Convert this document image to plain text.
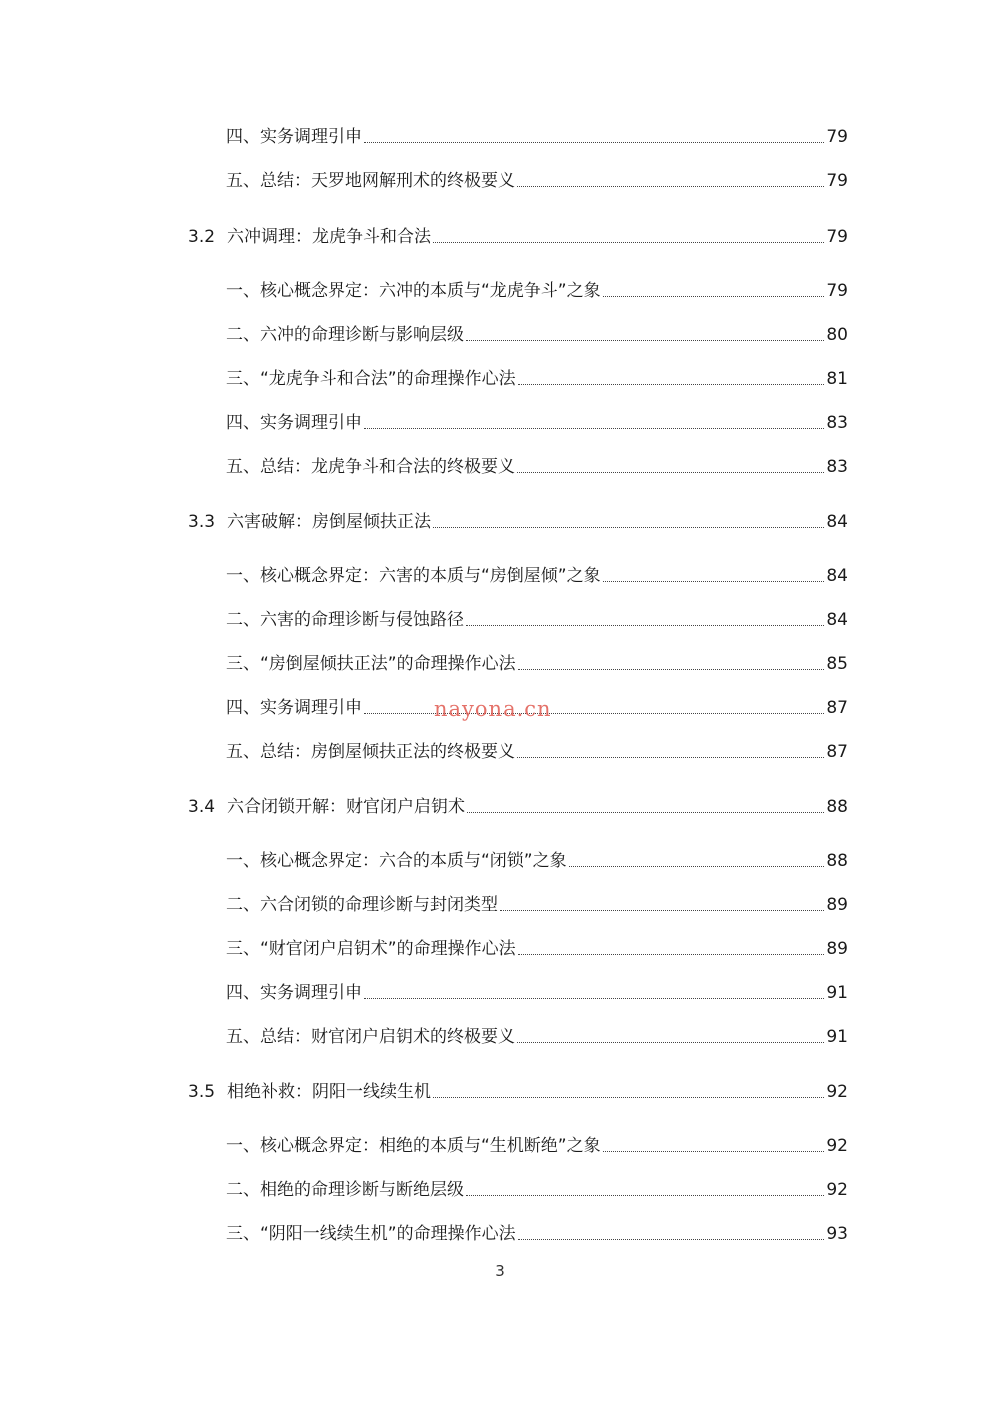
四、实务调理引申	79
五、总结：天罗地网解刑术的终极要义	79
3.2 六冲调理：龙虎争斗和合法	79
一、核心概念界定：六冲的本质与“龙虎争斗”之象	79
二、六冲的命理诊断与影响层级	80
三、“龙虎争斗和合法”的命理操作心法	81
四、实务调理引申	83
五、总结：龙虎争斗和合法的终极要义	83
3.3 六害破解：房倒屋倾扶正法	84
一、核心概念界定：六害的本质与“房倒屋倾”之象	84
二、六害的命理诊断与侵蚀路径	84
三、“房倒屋倾扶正法”的命理操作心法	85
四、实务调理引申	87
五、总结：房倒屋倾扶正法的终极要义	87
3.4 六合闭锁开解：财官闭户启钥术	88
一、核心概念界定：六合的本质与“闭锁”之象	88
二、六合闭锁的命理诊断与封闭类型	89
三、“财官闭户启钥术”的命理操作心法	89
四、实务调理引申	91
五、总结：财官闭户启钥术的终极要义	91
3.5 相绝补救：阴阳一线续生机	92
一、核心概念界定：相绝的本质与“生机断绝”之象	92
二、相绝的命理诊断与断绝层级	92
三、“阴阳一线续生机”的命理操作心法	93
nayona.cn
3
